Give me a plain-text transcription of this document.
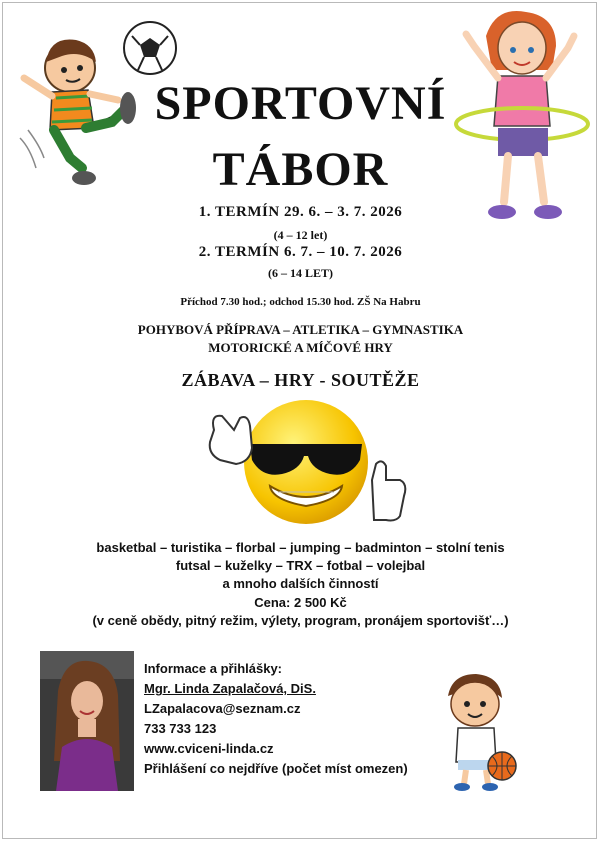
SPORTOVNÍ
TÁBOR
1. TERMÍN 29. 6. – 3. 7. 2026
(4 – 12 let)
2. TERMÍN 6. 7. – 10. 7. 2026
(6 – 14 LET)
Příchod 7.30 hod.; odchod 15.30 hod. ZŠ Na Habru
POHYBOVÁ PŘÍPRAVA – ATLETIKA – GYMNASTIKA
MOTORICKÉ A MÍČOVÉ HRY
ZÁBAVA – HRY - SOUTĚŽE
basketbal – turistika – florbal – jumping – badminton – stolní tenis
futsal – kuželky – TRX – fotbal – volejbal
a mnoho dalších činností
Cena: 2 500 Kč
(v ceně obědy, pitný režim, výlety, program, pronájem sportovišť…)
Informace a přihlášky:
Mgr. Linda Zapalačová, DiS.
LZapalacova@seznam.cz
733 733 123
www.cviceni-linda.cz
Přihlášení co nejdříve (počet míst omezen)
